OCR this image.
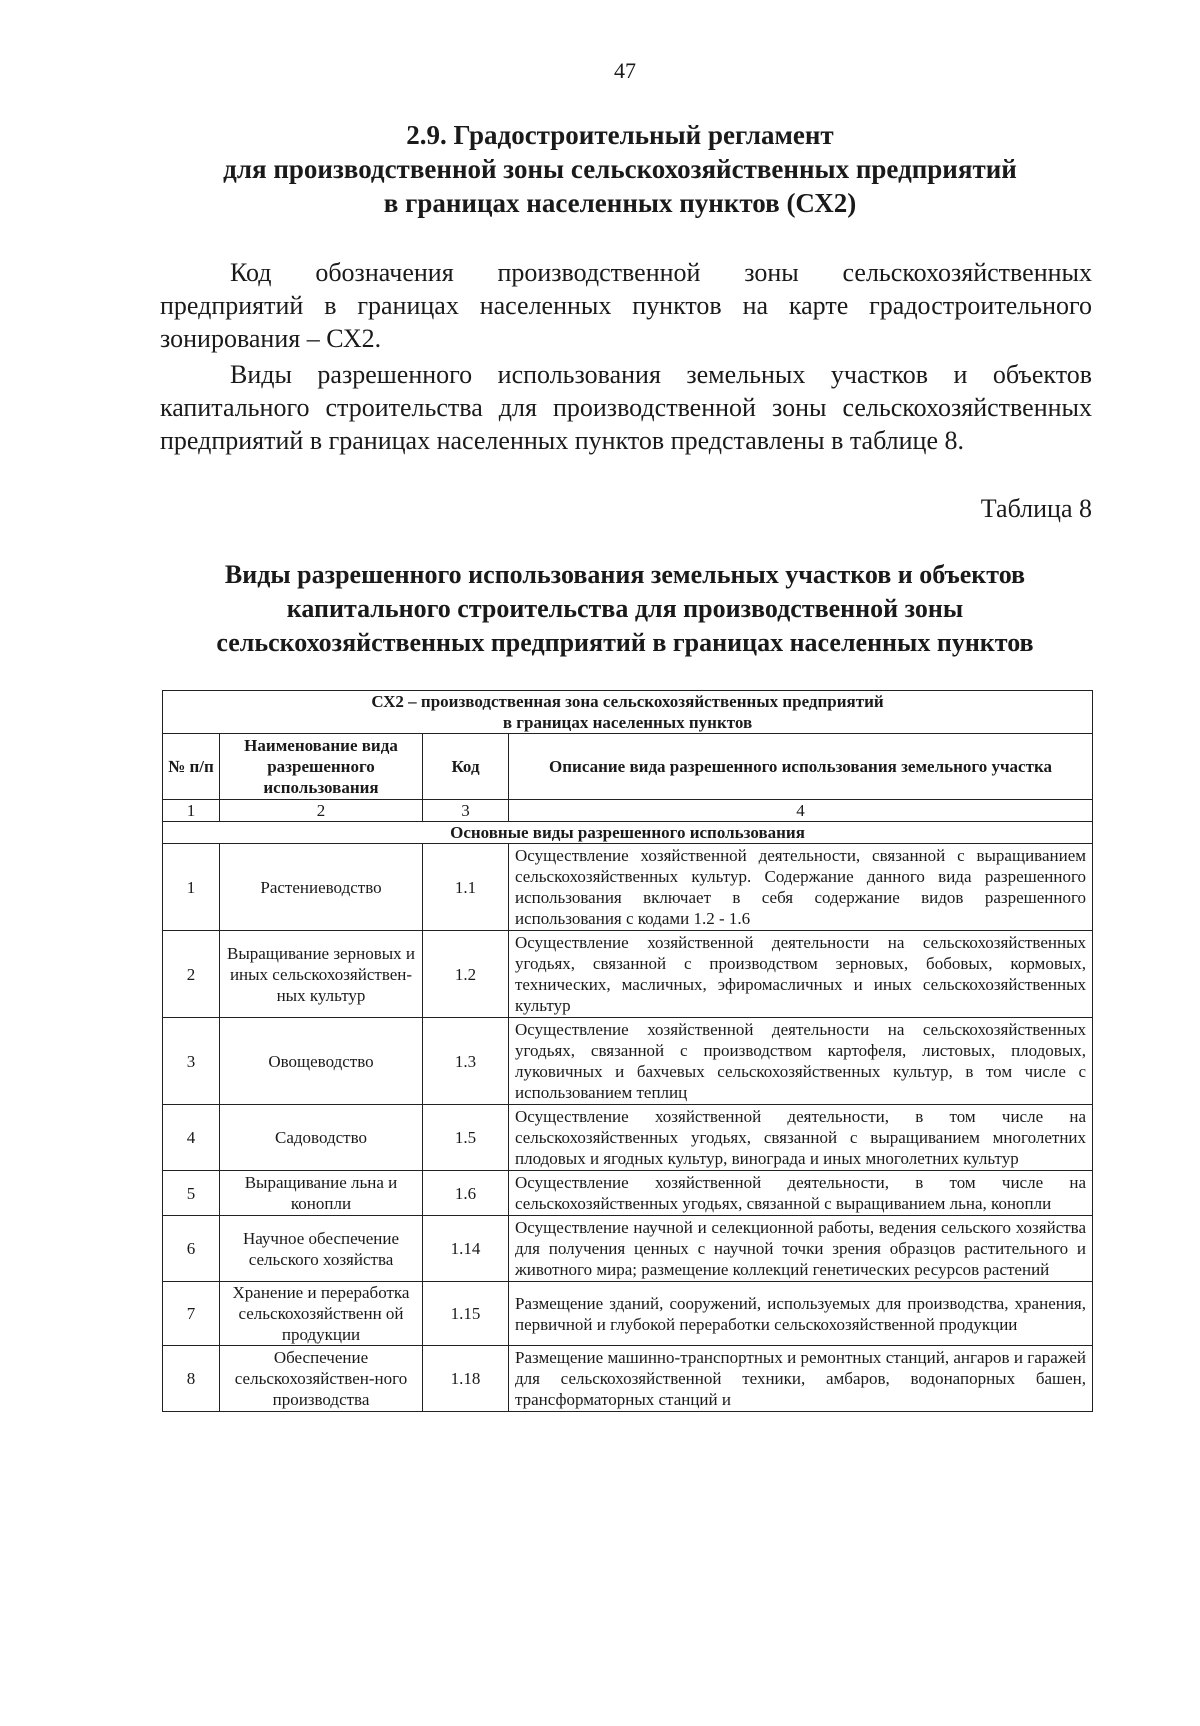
47
2.9. Градостроительный регламент
для производственной зоны сельскохозяйственных предприятий
в границах населенных пунктов (СХ2)
Код обозначения производственной зоны сельскохозяйственных предприятий в границах населенных пунктов на карте градостроительного зонирования – СХ2.
Виды разрешенного использования земельных участков и объектов капитального строительства для производственной зоны сельскохозяйственных предприятий в границах населенных пунктов представлены в таблице 8.
Таблица 8
Виды разрешенного использования земельных участков и объектов
капитального строительства для производственной зоны
сельскохозяйственных предприятий в границах населенных пунктов
СХ2 – производственная зона сельскохозяйственных предприятий
в границах населенных пунктов			

№ п/п	Наименование вида разрешенного использования	Код	Описание вида разрешенного использования земельного участка
1	2	3	4
Основные виды разрешенного использования			
1	Растениеводство	1.1	Осуществление хозяйственной деятельности, связанной с выращиванием сельскохозяйственных культур. Содержание данного вида разрешенного использования включает в себя содержание видов разрешенного использования с кодами 1.2 - 1.6
2	Выращивание зерновых и иных сельскохозяйствен-ных культур	1.2	Осуществление хозяйственной деятельности на сельскохозяйственных угодьях, связанной с производством зерновых, бобовых, кормовых, технических, масличных, эфиромасличных и иных сельскохозяйственных культур
3	Овощеводство	1.3	Осуществление хозяйственной деятельности на сельскохозяйственных угодьях, связанной с производством картофеля, листовых, плодовых, луковичных и бахчевых сельскохозяйственных культур, в том числе с использованием теплиц
4	Садоводство	1.5	Осуществление хозяйственной деятельности, в том числе на сельскохозяйственных угодьях, связанной с выращиванием многолетних плодовых и ягодных культур, винограда и иных многолетних культур
5	Выращивание льна и конопли	1.6	Осуществление хозяйственной деятельности, в том числе на сельскохозяйственных угодьях, связанной с выращиванием льна, конопли
6	Научное обеспечение сельского хозяйства	1.14	Осуществление научной и селекционной работы, ведения сельского хозяйства для получения ценных с научной точки зрения образцов растительного и животного мира; размещение коллекций генетических ресурсов растений
7	Хранение и переработка сельскохозяйственн ой продукции	1.15	Размещение зданий, сооружений, используемых для производства, хранения, первичной и глубокой переработки сельскохозяйственной продукции
8	Обеспечение сельскохозяйствен-ного производства	1.18	Размещение машинно-транспортных и ремонтных станций, ангаров и гаражей для сельскохозяйственной техники, амбаров, водонапорных башен, трансформаторных станций и
